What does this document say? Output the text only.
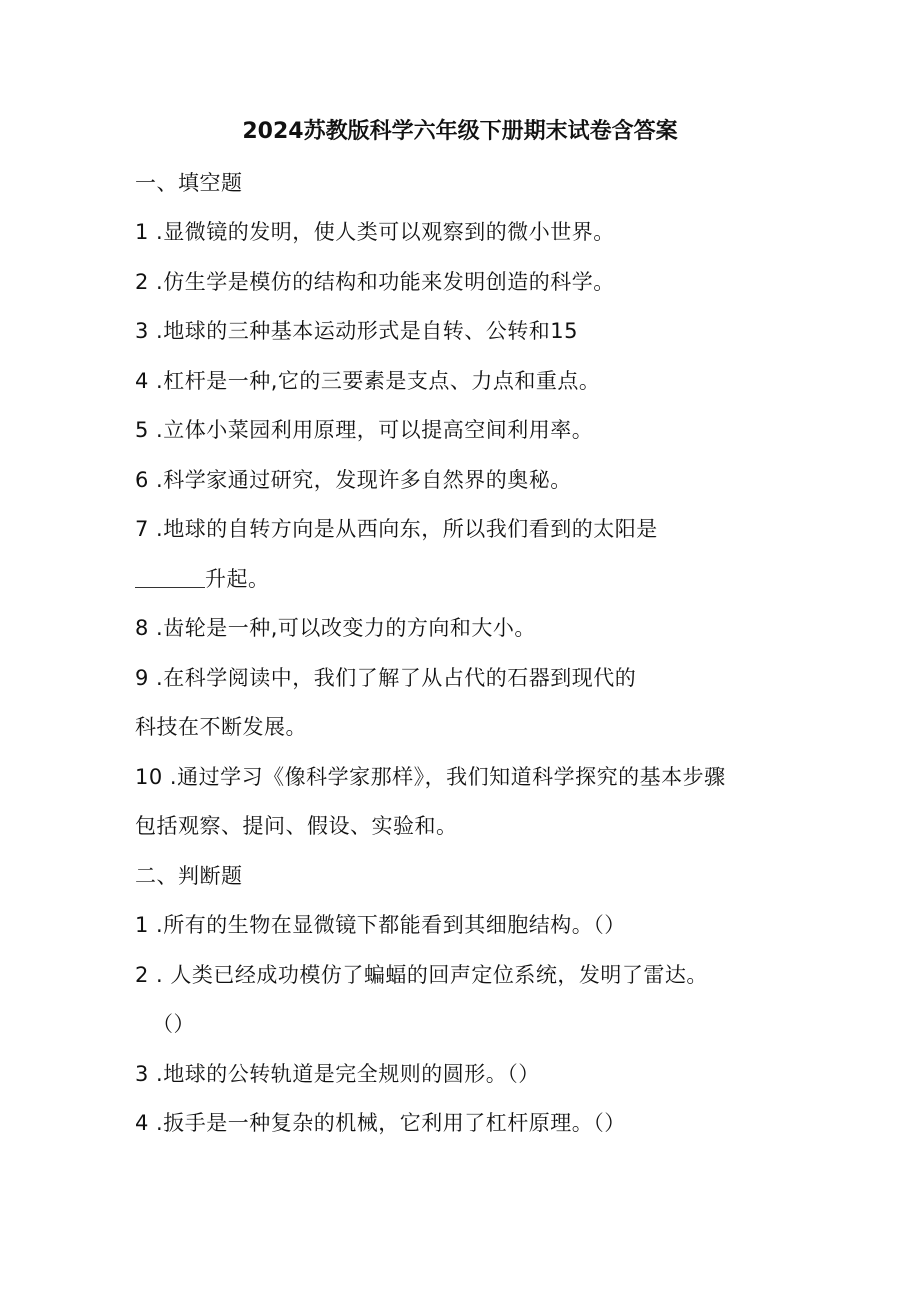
2024苏教版科学六年级下册期末试卷含答案
一、填空题
1 .显微镜的发明，使人类可以观察到的微小世界。
2 .仿生学是模仿的结构和功能来发明创造的科学。
3 .地球的三种基本运动形式是自转、公转和15
4 .杠杆是一种,它的三要素是支点、力点和重点。
5 .立体小菜园利用原理，可以提高空间利用率。
6 .科学家通过研究，发现许多自然界的奥秘。
7 .地球的自转方向是从西向东，所以我们看到的太阳是
升起。
8 .齿轮是一种,可以改变力的方向和大小。
9 .在科学阅读中，我们了解了从占代的石器到现代的
科技在不断发展。
10 .通过学习《像科学家那样》，我们知道科学探究的基本步骤
包括观察、提问、假设、实验和。
二、判断题
1 .所有的生物在显微镜下都能看到其细胞结构。（）
2 . 人类已经成功模仿了蝙蝠的回声定位系统，发明了雷达。
（）
3 .地球的公转轨道是完全规则的圆形。（）
4 .扳手是一种复杂的机械，它利用了杠杆原理。（）
